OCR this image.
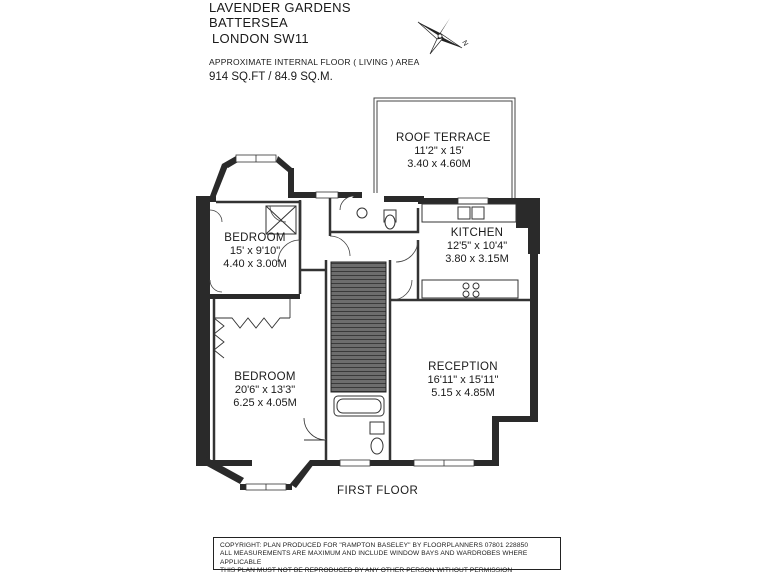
LAVENDER GARDENS
BATTERSEA
LONDON SW11
APPROXIMATE INTERNAL FLOOR ( LIVING ) AREA
914 SQ.FT / 84.9 SQ.M.
ROOF TERRACE
11'2" x 15'
3.40 x 4.60M
BEDROOM
15' x 9'10"
4.40 x 3.00M
KITCHEN
12'5" x 10'4"
3.80 x 3.15M
RECEPTION
16'11" x 15'11"
5.15 x 4.85M
BEDROOM
20'6" x 13'3"
6.25 x 4.05M
N
FIRST FLOOR
COPYRIGHT: PLAN PRODUCED FOR "RAMPTON BASELEY" BY FLOORPLANNERS 07801 228850
ALL MEASUREMENTS ARE MAXIMUM AND INCLUDE WINDOW BAYS AND WARDROBES WHERE APPLICABLE
THIS PLAN MUST NOT BE REPRODUCED BY ANY OTHER PERSON WITHOUT PERMISSION
